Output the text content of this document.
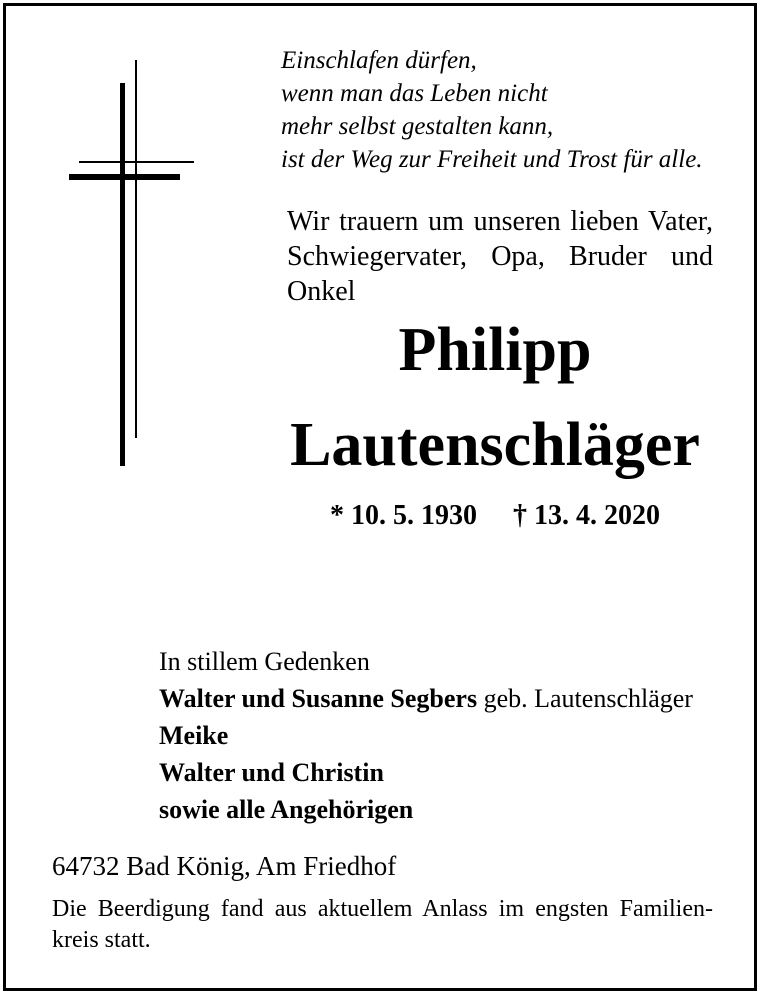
Einschlafen dürfen,
wenn man das Leben nicht
mehr selbst gestalten kann,
ist der Weg zur Freiheit und Trost für alle.
Wir trauern um unseren lieben Vater,
Schwiegervater, Opa, Bruder und
Onkel
Philipp
Lautenschläger
* 10. 5. 1930 † 13. 4. 2020
In stillem Gedenken
Walter und Susanne Segbers geb. Lautenschläger
Meike
Walter und Christin
sowie alle Angehörigen
64732 Bad König, Am Friedhof
Die Beerdigung fand aus aktuellem Anlass im engsten Familien-
kreis statt.
